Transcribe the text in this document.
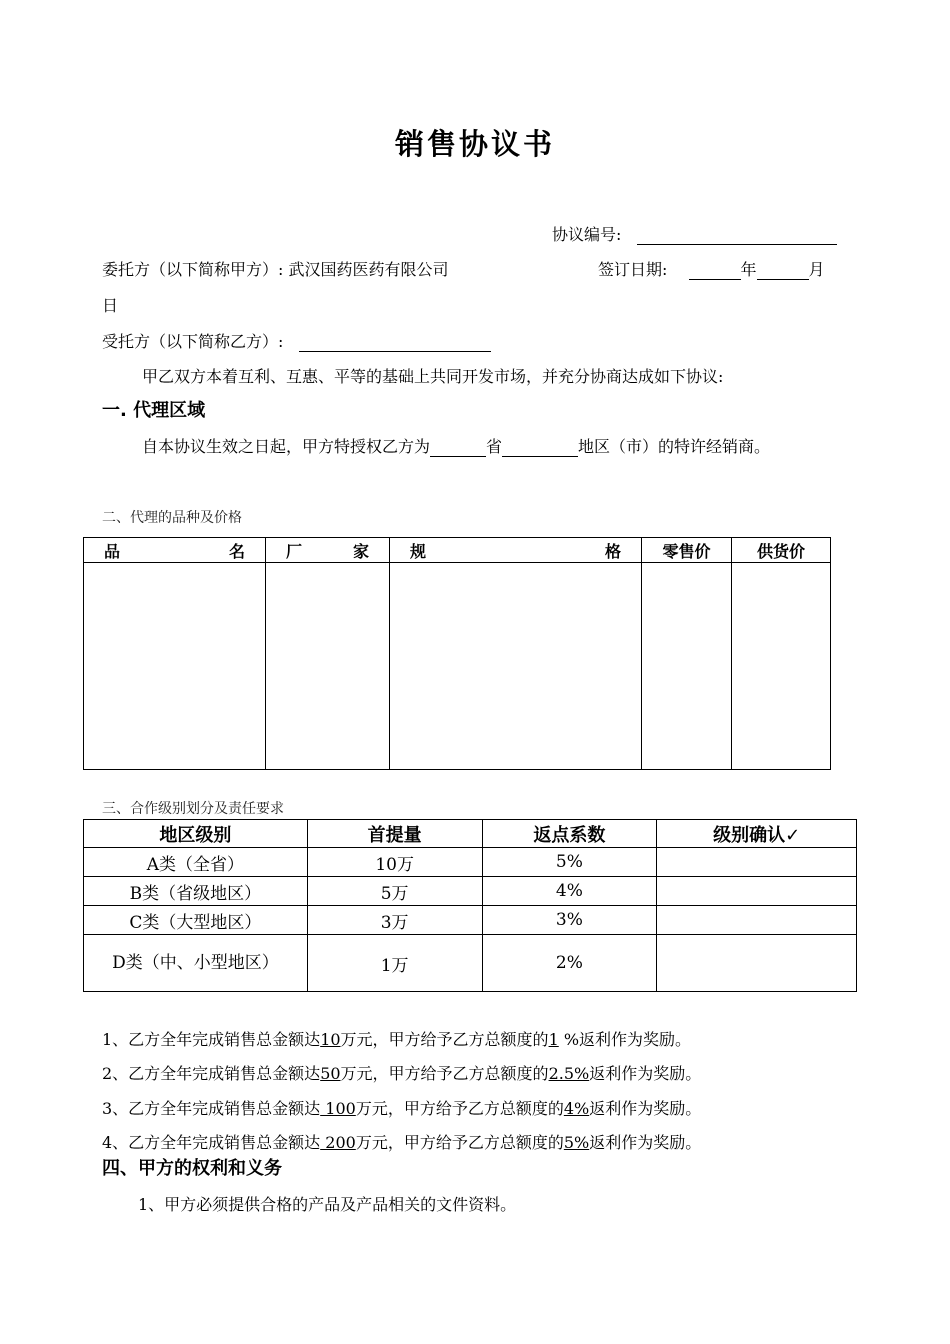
销售协议书
协议编号:
委托方（以下简称甲方）: 武汉国药医药有限公司	签订日期:	年	月
日
受托方（以下简称乙方）:
甲乙双方本着互利、互惠、平等的基础上共同开发市场，并充分协商达成如下协议:
一. 代理区域
自本协议生效之日起，甲方特授权乙方为	省	地区（市）的特许经销商。
二、代理的品种及价格
品 名	厂 家	规 格	零售价	供货价

三、合作级别划分及责任要求
地区级别	首提量	返点系数	级别确认✓
A类（全省）	10万	5%	
B类（省级地区）	5万	4%	
C类（大型地区）	3万	3%	
D类（中、小型地区）	1万	2%	
1、乙方全年完成销售总金额达10万元，甲方给予乙方总额度的1 %返利作为奖励。
2、乙方全年完成销售总金额达50万元，甲方给予乙方总额度的2.5%返利作为奖励。
3、乙方全年完成销售总金额达 100万元，甲方给予乙方总额度的4%返利作为奖励。
4、乙方全年完成销售总金额达 200万元，甲方给予乙方总额度的5%返利作为奖励。
四、甲方的权利和义务
1、甲方必须提供合格的产品及产品相关的文件资料。
